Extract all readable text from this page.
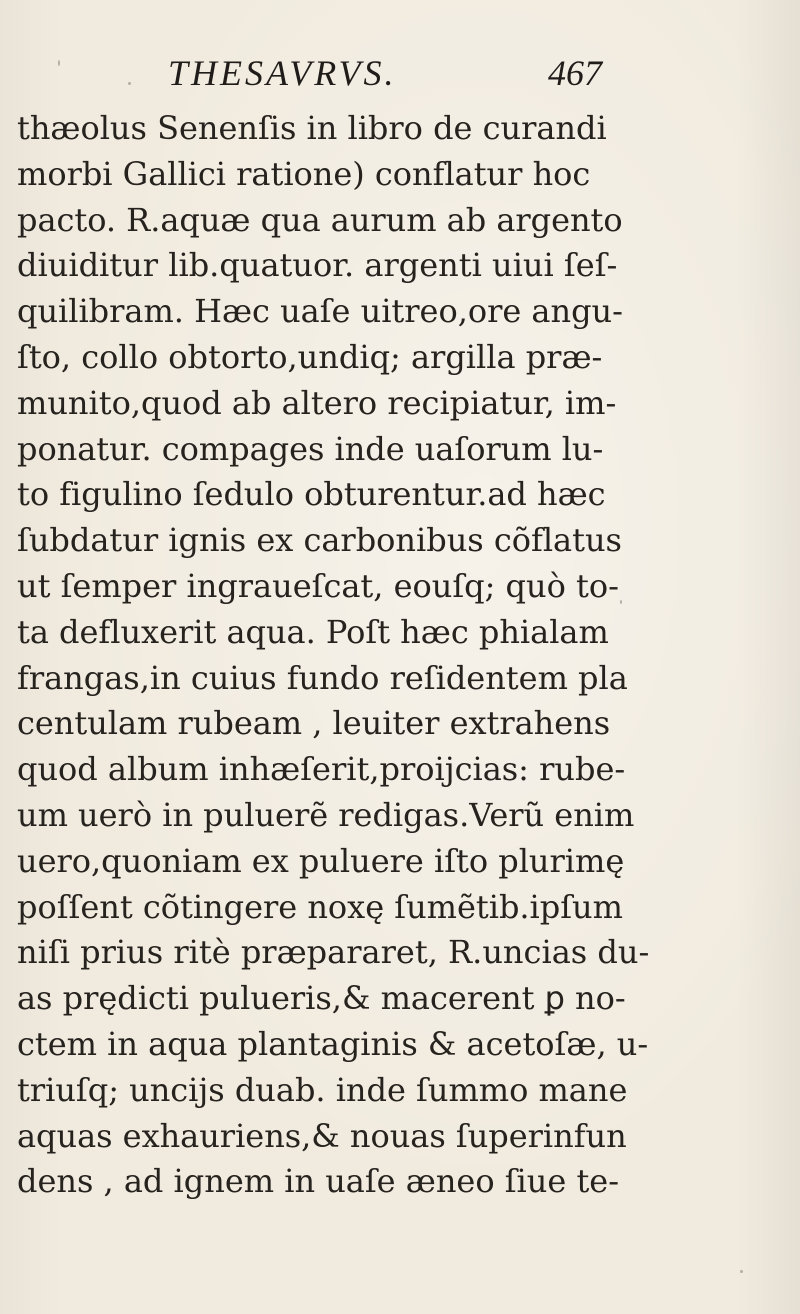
THESAVRVS.	467
thæolus Senenſis in libro de curandi
morbi Gallici ratione) conflatur hoc
pacto. R.aquæ qua aurum ab argento
diuiditur lib.quatuor. argenti uiui ſeſ-
quilibram. Hæc uaſe uitreo,ore angu-
ſto, collo obtorto,undiq; argilla præ-
munito,quod ab altero recipiatur, im-
ponatur. compages inde uaſorum lu-
to figulino ſedulo obturentur.ad hæc
ſubdatur ignis ex carbonibus cõflatus
ut ſemper ingraueſcat, eouſq; quò to-
ta defluxerit aqua. Poſt hæc phialam
frangas,in cuius fundo reſidentem pla
centulam rubeam , leuiter extrahens
quod album inhæſerit,proijcias: rube-
um uerò in puluerẽ redigas.Verũ enim
uero,quoniam ex puluere iſto plurimę
poſſent cõtingere noxę ſumẽtib.ipſum
niſi prius ritè præpararet, R.uncias du-
as prędicti pulueris,& macerent ꝑ no-
ctem in aqua plantaginis & acetoſæ, u-
triuſq; uncijs duab. inde ſummo mane
aquas exhauriens,& nouas ſuperinfun
dens , ad ignem in uaſe æneo ſiue te-
